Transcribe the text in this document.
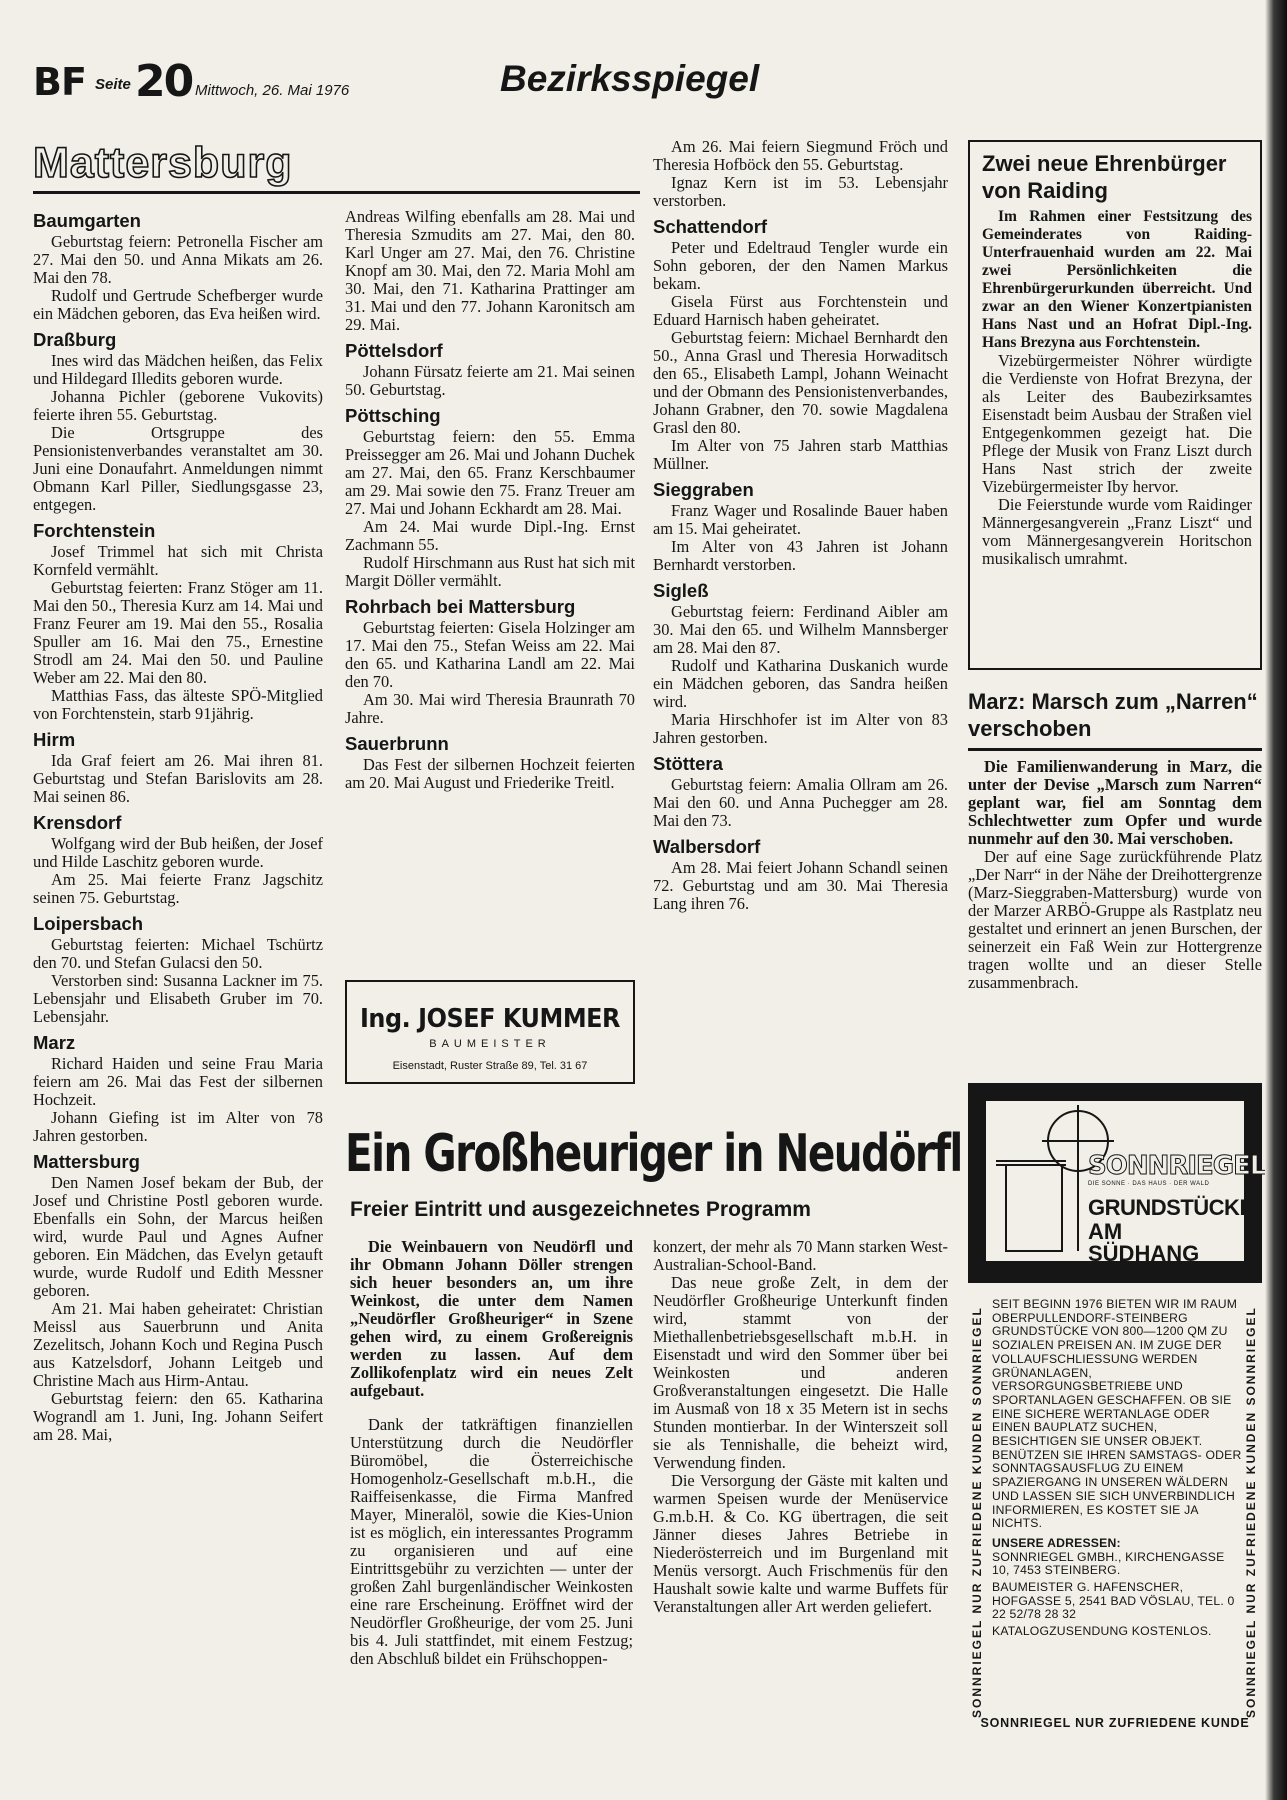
BF Seite 20 Mittwoch, 26. Mai 1976	Bezirksspiegel
Mattersburg
Baumgarten

Geburtstag feiern: Petronella Fischer am 27. Mai den 50. und Anna Mikats am 26. Mai den 78.

Rudolf und Gertrude Schefberger wurde ein Mädchen geboren, das Eva heißen wird.

Draßburg

Ines wird das Mädchen heißen, das Felix und Hildegard Illedits geboren wurde.

Johanna Pichler (geborene Vukovits) feierte ihren 55. Geburtstag.

Die Ortsgruppe des Pensionistenverbandes veranstaltet am 30. Juni eine Donaufahrt. Anmeldungen nimmt Obmann Karl Piller, Siedlungsgasse 23, entgegen.

Forchtenstein

Josef Trimmel hat sich mit Christa Kornfeld vermählt.

Geburtstag feierten: Franz Stöger am 11. Mai den 50., Theresia Kurz am 14. Mai und Franz Feurer am 19. Mai den 55., Rosalia Spuller am 16. Mai den 75., Ernestine Strodl am 24. Mai den 50. und Pauline Weber am 22. Mai den 80.

Matthias Fass, das älteste SPÖ-Mitglied von Forchtenstein, starb 91jährig.

Hirm

Ida Graf feiert am 26. Mai ihren 81. Geburtstag und Stefan Barislovits am 28. Mai seinen 86.

Krensdorf

Wolfgang wird der Bub heißen, der Josef und Hilde Laschitz geboren wurde.

Am 25. Mai feierte Franz Jagschitz seinen 75. Geburtstag.

Loipersbach

Geburtstag feierten: Michael Tschürtz den 70. und Stefan Gulacsi den 50.

Verstorben sind: Susanna Lackner im 75. Lebensjahr und Elisabeth Gruber im 70. Lebensjahr.

Marz

Richard Haiden und seine Frau Maria feiern am 26. Mai das Fest der silbernen Hochzeit.

Johann Giefing ist im Alter von 78 Jahren gestorben.

Mattersburg

Den Namen Josef bekam der Bub, der Josef und Christine Postl geboren wurde. Ebenfalls ein Sohn, der Marcus heißen wird, wurde Paul und Agnes Aufner geboren. Ein Mädchen, das Evelyn getauft wurde, wurde Rudolf und Edith Messner geboren.

Am 21. Mai haben geheiratet: Christian Meissl aus Sauerbrunn und Anita Zezelitsch, Johann Koch und Regina Pusch aus Katzelsdorf, Johann Leitgeb und Christine Mach aus Hirm-Antau.

Geburtstag feiern: den 65. Katharina Wograndl am 1. Juni, Ing. Johann Seifert am 28. Mai,

Andreas Wilfing ebenfalls am 28. Mai und Theresia Szmudits am 27. Mai, den 80. Karl Unger am 27. Mai, den 76. Christine Knopf am 30. Mai, den 72. Maria Mohl am 30. Mai, den 71. Katharina Prattinger am 31. Mai und den 77. Johann Karonitsch am 29. Mai.

Pöttelsdorf

Johann Fürsatz feierte am 21. Mai seinen 50. Geburtstag.

Pöttsching

Geburtstag feiern: den 55. Emma Preissegger am 26. Mai und Johann Duchek am 27. Mai, den 65. Franz Kerschbaumer am 29. Mai sowie den 75. Franz Treuer am 27. Mai und Johann Eckhardt am 28. Mai.

Am 24. Mai wurde Dipl.-Ing. Ernst Zachmann 55.

Rudolf Hirschmann aus Rust hat sich mit Margit Döller vermählt.

Rohrbach bei Mattersburg

Geburtstag feierten: Gisela Holzinger am 17. Mai den 75., Stefan Weiss am 22. Mai den 65. und Katharina Landl am 22. Mai den 70.

Am 30. Mai wird Theresia Braunrath 70 Jahre.

Sauerbrunn

Das Fest der silbernen Hochzeit feierten am 20. Mai August und Friederike Treitl.

Am 26. Mai feiern Siegmund Fröch und Theresia Hofböck den 55. Geburtstag.

Ignaz Kern ist im 53. Lebensjahr verstorben.

Schattendorf

Peter und Edeltraud Tengler wurde ein Sohn geboren, der den Namen Markus bekam.

Gisela Fürst aus Forchtenstein und Eduard Harnisch haben geheiratet.

Geburtstag feiern: Michael Bernhardt den 50., Anna Grasl und Theresia Horwaditsch den 65., Elisabeth Lampl, Johann Weinacht und der Obmann des Pensionistenverbandes, Johann Grabner, den 70. sowie Magdalena Grasl den 80.

Im Alter von 75 Jahren starb Matthias Müllner.

Sieggraben

Franz Wager und Rosalinde Bauer haben am 15. Mai geheiratet.

Im Alter von 43 Jahren ist Johann Bernhardt verstorben.

Sigleß

Geburtstag feiern: Ferdinand Aibler am 30. Mai den 65. und Wilhelm Mannsberger am 28. Mai den 87.

Rudolf und Katharina Duskanich wurde ein Mädchen geboren, das Sandra heißen wird.

Maria Hirschhofer ist im Alter von 83 Jahren gestorben.

Stöttera

Geburtstag feiern: Amalia Ollram am 26. Mai den 60. und Anna Puchegger am 28. Mai den 73.

Walbersdorf

Am 28. Mai feiert Johann Schandl seinen 72. Geburtstag und am 30. Mai Theresia Lang ihren 76.

Ing. JOSEF KUMMER
BAUMEISTER
Eisenstadt, Ruster Straße 89, Tel. 31 67
Ein Großheuriger in Neudörfl
Freier Eintritt und ausgezeichnetes Programm

Die Weinbauern von Neudörfl und ihr Obmann Johann Döller strengen sich heuer besonders an, um ihre Weinkost, die unter dem Namen „Neudörfler Großheuriger“ in Szene gehen wird, zu einem Großereignis werden zu lassen. Auf dem Zollikofenplatz wird ein neues Zelt aufgebaut.

Dank der tatkräftigen finanziellen Unterstützung durch die Neudörfler Büromöbel, die Österreichische Homogenholz-Gesellschaft m.b.H., die Raiffeisenkasse, die Firma Manfred Mayer, Mineralöl, sowie die Kies-Union ist es möglich, ein interessantes Programm zu organisieren und auf eine Eintrittsgebühr zu verzichten — unter der großen Zahl burgenländischer Weinkosten eine rare Erscheinung. Eröffnet wird der Neudörfler Großheurige, der vom 25. Juni bis 4. Juli stattfindet, mit einem Festzug; den Abschluß bildet ein Frühschoppen-

konzert, der mehr als 70 Mann starken West-Australian-School-Band.

Das neue große Zelt, in dem der Neudörfler Großheurige Unterkunft finden wird, stammt von der Miethallenbetriebsgesellschaft m.b.H. in Eisenstadt und wird den Sommer über bei Weinkosten und anderen Großveranstaltungen eingesetzt. Die Halle im Ausmaß von 18 x 35 Metern ist in sechs Stunden montierbar. In der Winterszeit soll sie als Tennishalle, die beheizt wird, Verwendung finden.

Die Versorgung der Gäste mit kalten und warmen Speisen wurde der Menüservice G.m.b.H. & Co. KG übertragen, die seit Jänner dieses Jahres Betriebe in Niederösterreich und im Burgenland mit Menüs versorgt. Auch Frischmenüs für den Haushalt sowie kalte und warme Buffets für Veranstaltungen aller Art werden geliefert.

Zwei neue Ehrenbürger von Raiding

Im Rahmen einer Festsitzung des Gemeinderates von Raiding-Unterfrauenhaid wurden am 22. Mai zwei Persönlichkeiten die Ehrenbürgerurkunden überreicht. Und zwar an den Wiener Konzertpianisten Hans Nast und an Hofrat Dipl.-Ing. Hans Brezyna aus Forchtenstein.

Vizebürgermeister Nöhrer würdigte die Verdienste von Hofrat Brezyna, der als Leiter des Baubezirksamtes Eisenstadt beim Ausbau der Straßen viel Entgegenkommen gezeigt hat. Die Pflege der Musik von Franz Liszt durch Hans Nast strich der zweite Vizebürgermeister Iby hervor.

Die Feierstunde wurde vom Raidinger Männergesangverein „Franz Liszt“ und vom Männergesangverein Horitschon musikalisch umrahmt.

Marz: Marsch zum „Narren“ verschoben

Die Familienwanderung in Marz, die unter der Devise „Marsch zum Narren“ geplant war, fiel am Sonntag dem Schlechtwetter zum Opfer und wurde nunmehr auf den 30. Mai verschoben.

Der auf eine Sage zurückführende Platz „Der Narr“ in der Nähe der Dreihottergrenze (Marz-Sieggraben-Mattersburg) wurde von der Marzer ARBÖ-Gruppe als Rastplatz neu gestaltet und erinnert an jenen Burschen, der seinerzeit ein Faß Wein zur Hottergrenze tragen wollte und an dieser Stelle zusammenbrach.

SONNRIEGEL
DIE SONNE · DAS HAUS · DER WALD
GRUNDSTÜCKE
AM
SÜDHANG
SONNRIEGEL NUR ZUFRIEDENE KUNDEN SONNRIEGEL	SONNRIEGEL NUR ZUFRIEDENE KUNDEN SONNRIEGEL

SEIT BEGINN 1976 BIETEN WIR IM RAUM OBERPULLENDORF-STEINBERG GRUNDSTÜCKE VON 800—1200 QM ZU SOZIALEN PREISEN AN. IM ZUGE DER VOLLAUFSCHLIESSUNG WERDEN GRÜNANLAGEN, VERSORGUNGSBETRIEBE UND SPORTANLAGEN GESCHAFFEN. OB SIE EINE SICHERE WERTANLAGE ODER EINEN BAUPLATZ SUCHEN, BESICHTIGEN SIE UNSER OBJEKT. BENÜTZEN SIE IHREN SAMSTAGS- ODER SONNTAGSAUSFLUG ZU EINEM SPAZIERGANG IN UNSEREN WÄLDERN UND LASSEN SIE SICH UNVERBINDLICH INFORMIEREN, ES KOSTET SIE JA NICHTS.

UNSERE ADRESSEN:

SONNRIEGEL GMBH., KIRCHENGASSE 10, 7453 STEINBERG.

BAUMEISTER G. HAFENSCHER, HOFGASSE 5, 2541 BAD VÖSLAU, TEL. 0 22 52/78 28 32

KATALOGZUSENDUNG KOSTENLOS.

SONNRIEGEL NUR ZUFRIEDENE KUNDE
